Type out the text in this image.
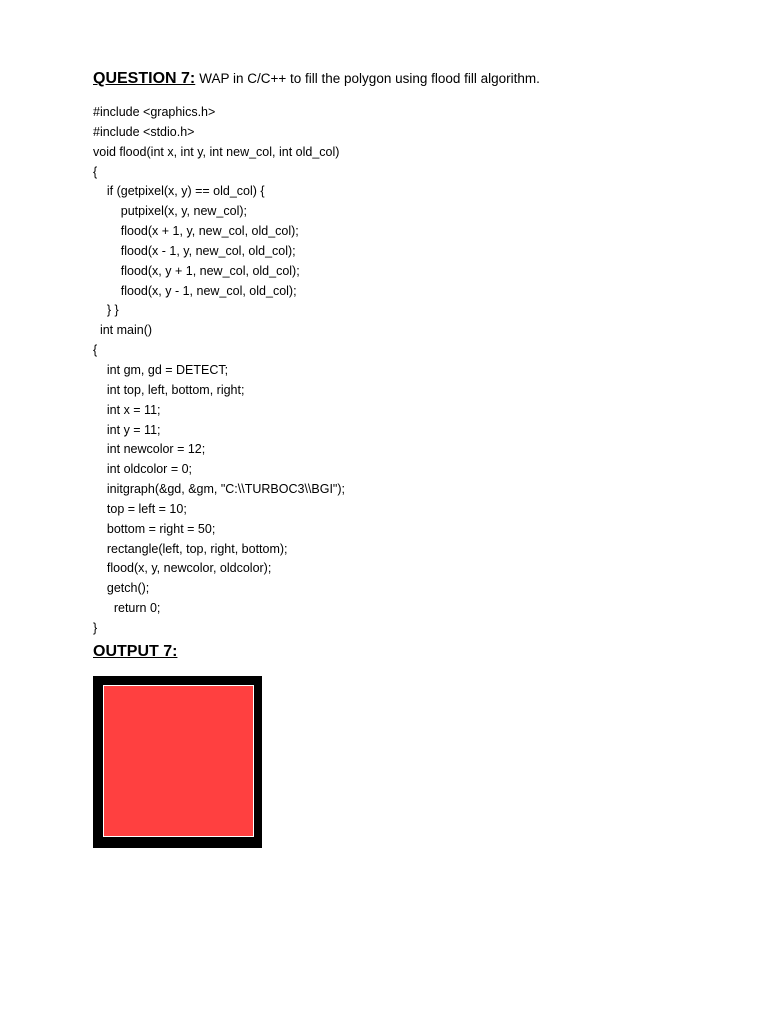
QUESTION 7: WAP in C/C++ to fill the polygon using flood fill algorithm.
#include <graphics.h>
#include <stdio.h>
void flood(int x, int y, int new_col, int old_col)
{
if (getpixel(x, y) == old_col) {
putpixel(x, y, new_col);
flood(x + 1, y, new_col, old_col);
flood(x - 1, y, new_col, old_col);
flood(x, y + 1, new_col, old_col);
flood(x, y - 1, new_col, old_col);
} }
int main()
{
int gm, gd = DETECT;
int top, left, bottom, right;
int x = 11;
int y = 11;
int newcolor = 12;
int oldcolor = 0;
initgraph(&gd, &gm, "C:\\TURBOC3\\BGI");
top = left = 10;
bottom = right = 50;
rectangle(left, top, right, bottom);
flood(x, y, newcolor, oldcolor);
getch();
return 0;
}
OUTPUT 7:
